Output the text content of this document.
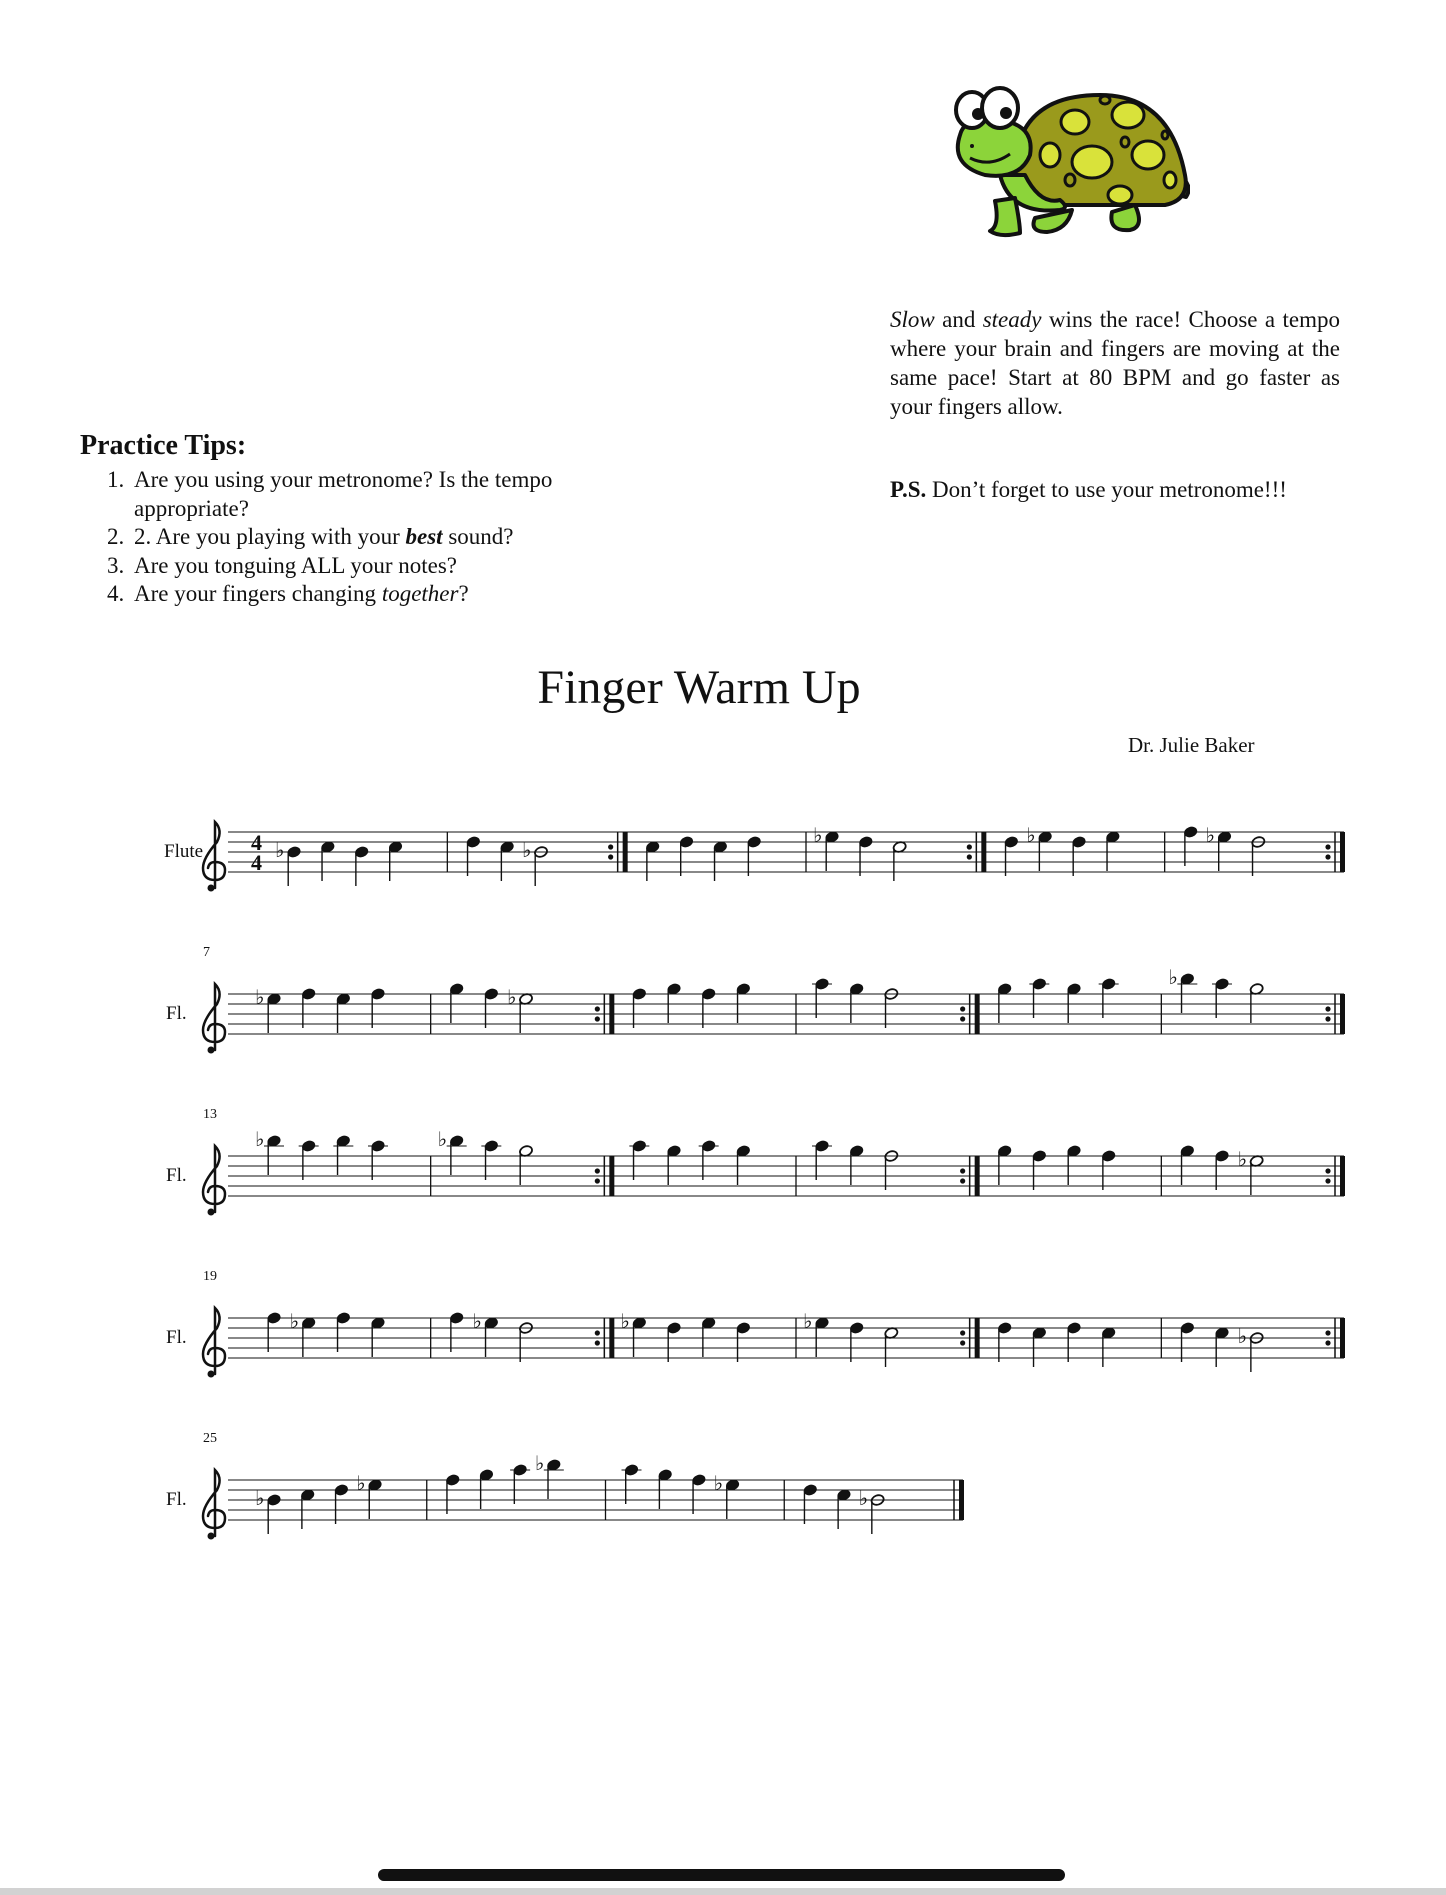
Slow and steady wins the race! Choose a tempo where your brain and fingers are moving at the same pace! Start at 80 BPM and go faster as your fingers allow.
P.S. Don’t forget to use your metronome!!!
Practice Tips:
1. Are you using your metronome? Is the tempo appropriate?
2. 2. Are you playing with your best sound?
3. Are you tonguing ALL your notes?
4. Are your fingers changing together?
Finger Warm Up
Dr. Julie Baker
Flute 4
4 ♭	♭
♭	♭	♭
Fl.
7
♭	♭
♭
Fl.
13
♭	♭
♭
Fl.
19
♭	♭	♭	♭
♭
Fl.
25
♭
♭
♭
♭
♭
